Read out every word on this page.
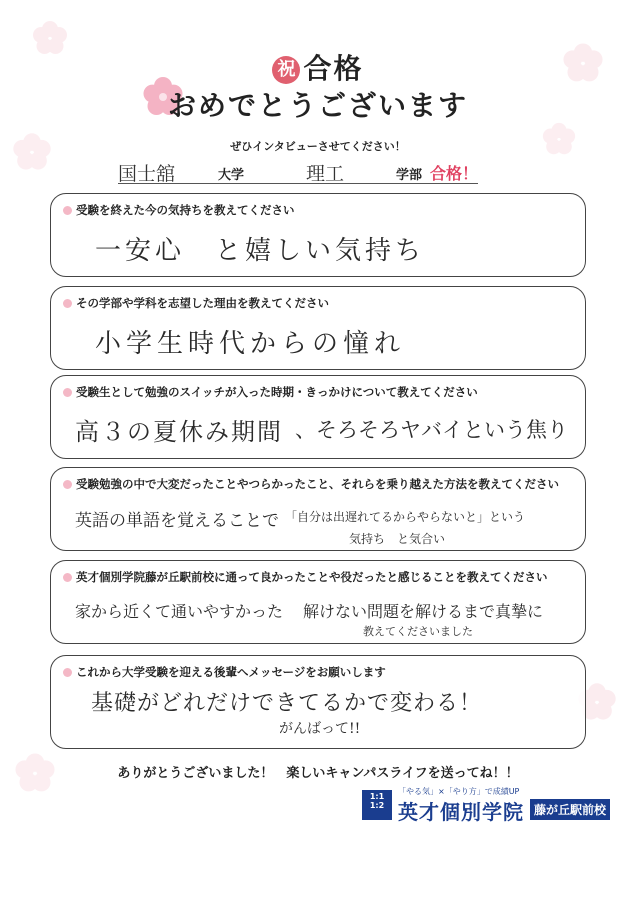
祝 合格
おめでとうございます
ぜひインタビューさせてください！
国士舘	大学	理工	学部 合格！
受験を終えた今の気持ちを教えてください
一安心　と嬉しい気持ち
その学部や学科を志望した理由を教えてください
小学生時代からの憧れ
受験生として勉強のスイッチが入った時期・きっかけについて教えてください
高３の夏休み期間 、そろそろヤバイという焦り
受験勉強の中で大変だったことやつらかったこと、それらを乗り越えた方法を教えてください
英語の単語を覚えることで 「自分は出遅れてるからやらないと」という
気持ち　と気合い
英才個別学院藤が丘駅前校に通って良かったことや役だったと感じることを教えてください
家から近くて通いやすかった 解けない問題を解けるまで真摯に
教えてくださいました
これから大学受験を迎える後輩へメッセージをお願いします
基礎がどれだけできてるかで変わる！
がんばって!!
ありがとうございました！　楽しいキャンパスライフを送ってね！！
1:1
1:2
「やる気」×「やり方」で成績UP
英才個別学院 藤が丘駅前校
